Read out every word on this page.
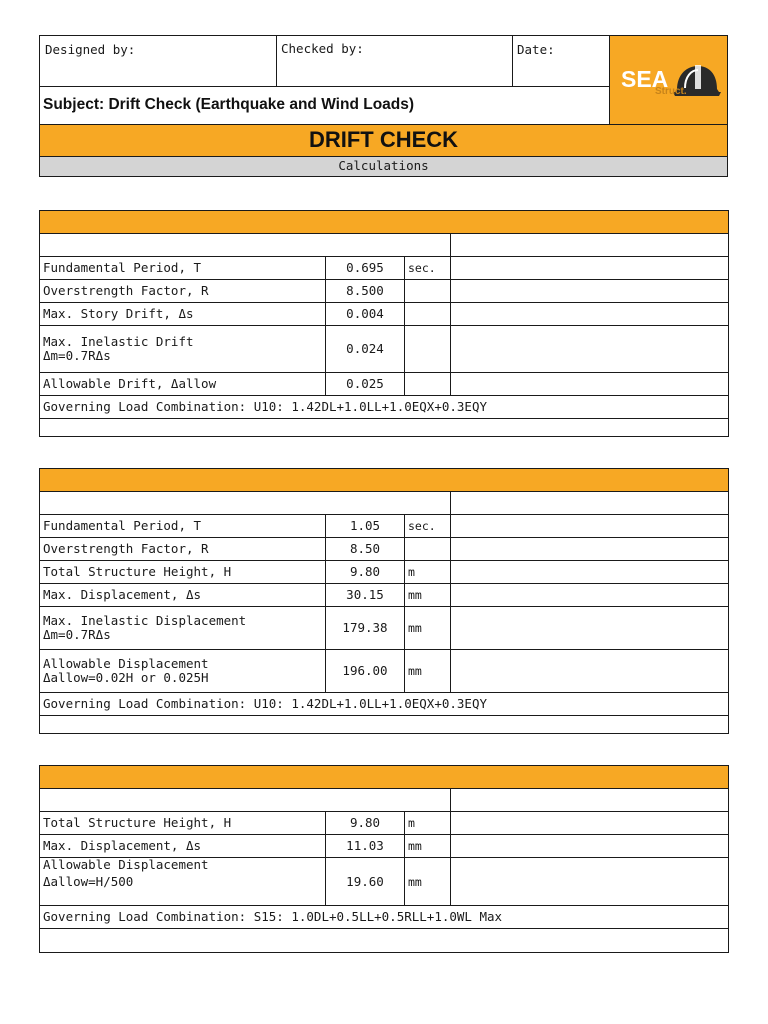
Designed by:	Checked by:	Date:
SEA
Struct.
Subject: Drift Check (Earthquake and Wind Loads)
DRIFT CHECK
Calculations

Fundamental Period, T	0.695	sec.	
Overstrength Factor, R	8.500		
Max. Story Drift, Δs	0.004		

Max. Inelastic Drift
Δm=0.7RΔs	0.024		
Allowable Drift, Δallow	0.025		
Governing Load Combination: U10: 1.42DL+1.0LL+1.0EQX+0.3EQY			

Fundamental Period, T	1.05	sec.	
Overstrength Factor, R	8.50		
Total Structure Height, H	9.80	m	
Max. Displacement, Δs	30.15	mm	

Max. Inelastic Displacement
Δm=0.7RΔs	179.38	mm	

Allowable Displacement
Δallow=0.02H or 0.025H	196.00	mm	
Governing Load Combination: U10: 1.42DL+1.0LL+1.0EQX+0.3EQY			

Total Structure Height, H	9.80	m	
Max. Displacement, Δs	11.03	mm	

Allowable Displacement
Δallow=H/500	19.60	mm	
Governing Load Combination: S15: 1.0DL+0.5LL+0.5RLL+1.0WL Max			
